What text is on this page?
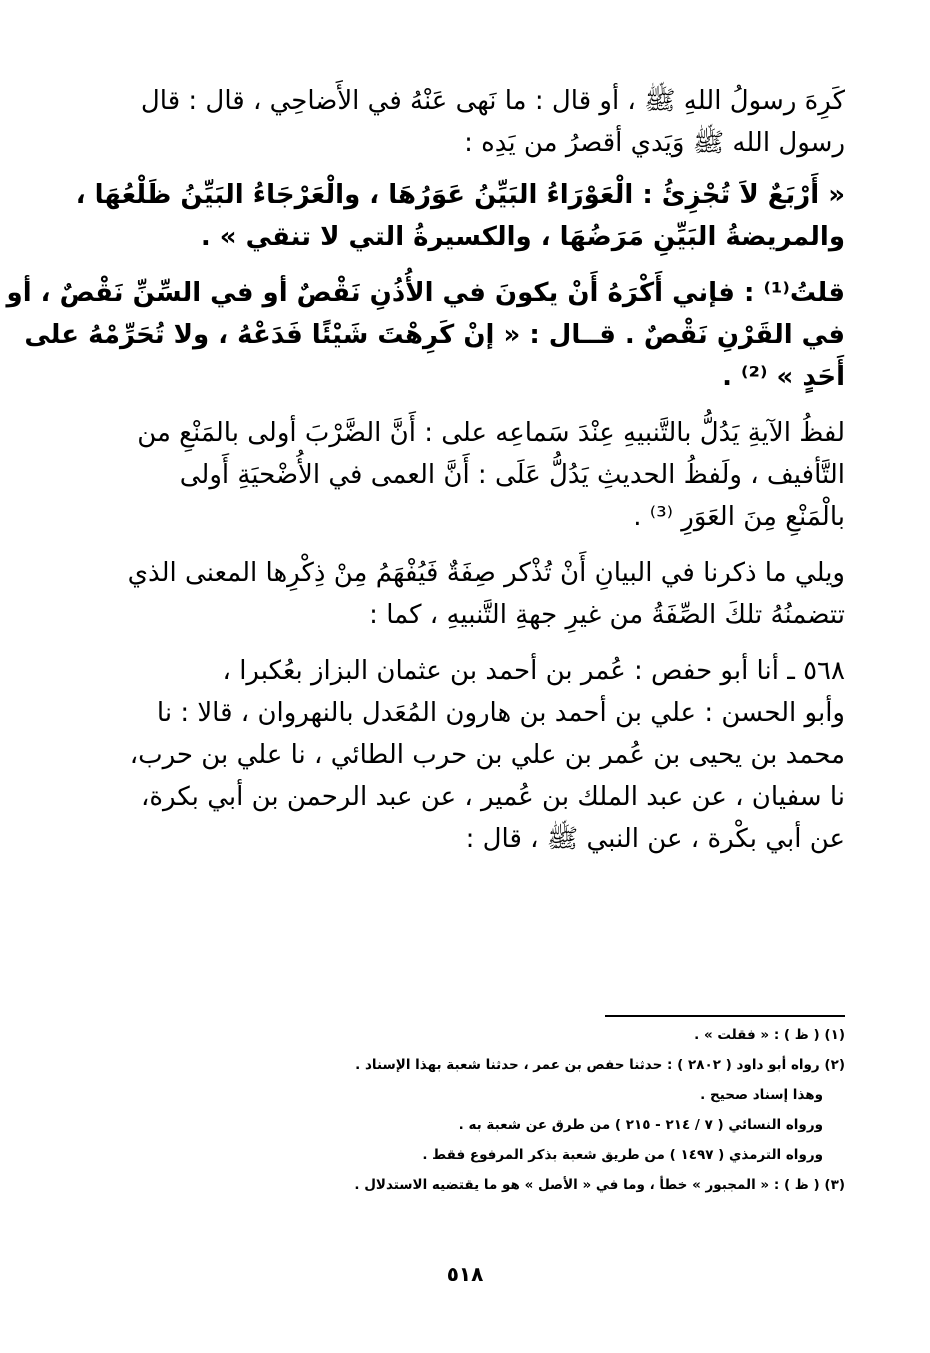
كَرِهَ رسولُ اللهِ ﷺ ، أو قال : ما نَهى عَنْهُ في الأَضاحِي ، قال : قال
رسول الله ﷺ وَيَدي أقصرُ من يَدِه :

« أَرْبَعٌ لاَ تُجْزِئُ : الْعَوْرَاءُ البَيِّنُ عَوَرُهَا ، والْعَرْجَاءُ البَيِّنُ ظَلْعُهَا ،
والمريضةُ البَيِّنِ مَرَضُهَا ، والكسيرةُ التي لا تنقي » .

قلتُ⁽¹⁾ : فإني أَكْرَهُ أَنْ يكونَ في الأُذُنِ نَقْصٌ أو في السِّنِّ نَقْصٌ ، أو
في القَرْنِ نَقْصٌ . قــال : « إنْ كَرِهْتَ شَيْئًا فَدَعْهُ ، ولا تُحَرِّمْهُ على
أَحَدٍ » ⁽²⁾ .

لفظُ الآيةِ يَدُلُّ بالتَّنبيهِ عِنْدَ سَماعِه على : أَنَّ الضَّرْبَ أولى بالمَنْعِ من
التَّأفيف ، ولَفظُ الحديثِ يَدُلُّ عَلَى : أَنَّ العمى في الأُضْحيَةِ أَولى
بالْمَنْعِ مِنَ العَوَرِ ⁽³⁾ .

ويلي ما ذكرنا في البيانِ أَنْ تُذْكر صِفَةٌ فَيُفْهَمُ مِنْ ذِكْرِها المعنى الذي
تتضمنُهُ تلكَ الصِّفَةُ من غيرِ جهةِ التَّنبيهِ ، كما :

٥٦٨ ـ أنا أبو حفص : عُمر بن أحمد بن عثمان البزاز بعُكبرا ،
وأبو الحسن : علي بن أحمد بن هارون المُعَدل بالنهروان ، قالا : نا
محمد بن يحيى بن عُمر بن علي بن حرب الطائي ، نا علي بن حرب،
نا سفيان ، عن عبد الملك بن عُمير ، عن عبد الرحمن بن أبي بكرة،
عن أبي بكْرة ، عن النبي ﷺ ، قال :

(١) ( ظ ) : « فقلت » .
(٢) رواه أبو داود ( ٢٨٠٢ ) : حدثنا حفص بن عمر ، حدثنا شعبة بهذا الإسناد .
وهذا إسناد صحيح .
ورواه النسائي ( ٧ / ٢١٤ - ٢١٥ ) من طرق عن شعبة به .
ورواه الترمذي ( ١٤٩٧ ) من طريق شعبة بذكر المرفوع فقط .
(٣) ( ظ ) : « المجبور » خطأ ، وما في « الأصل » هو ما يقتضيه الاستدلال .
٥١٨
